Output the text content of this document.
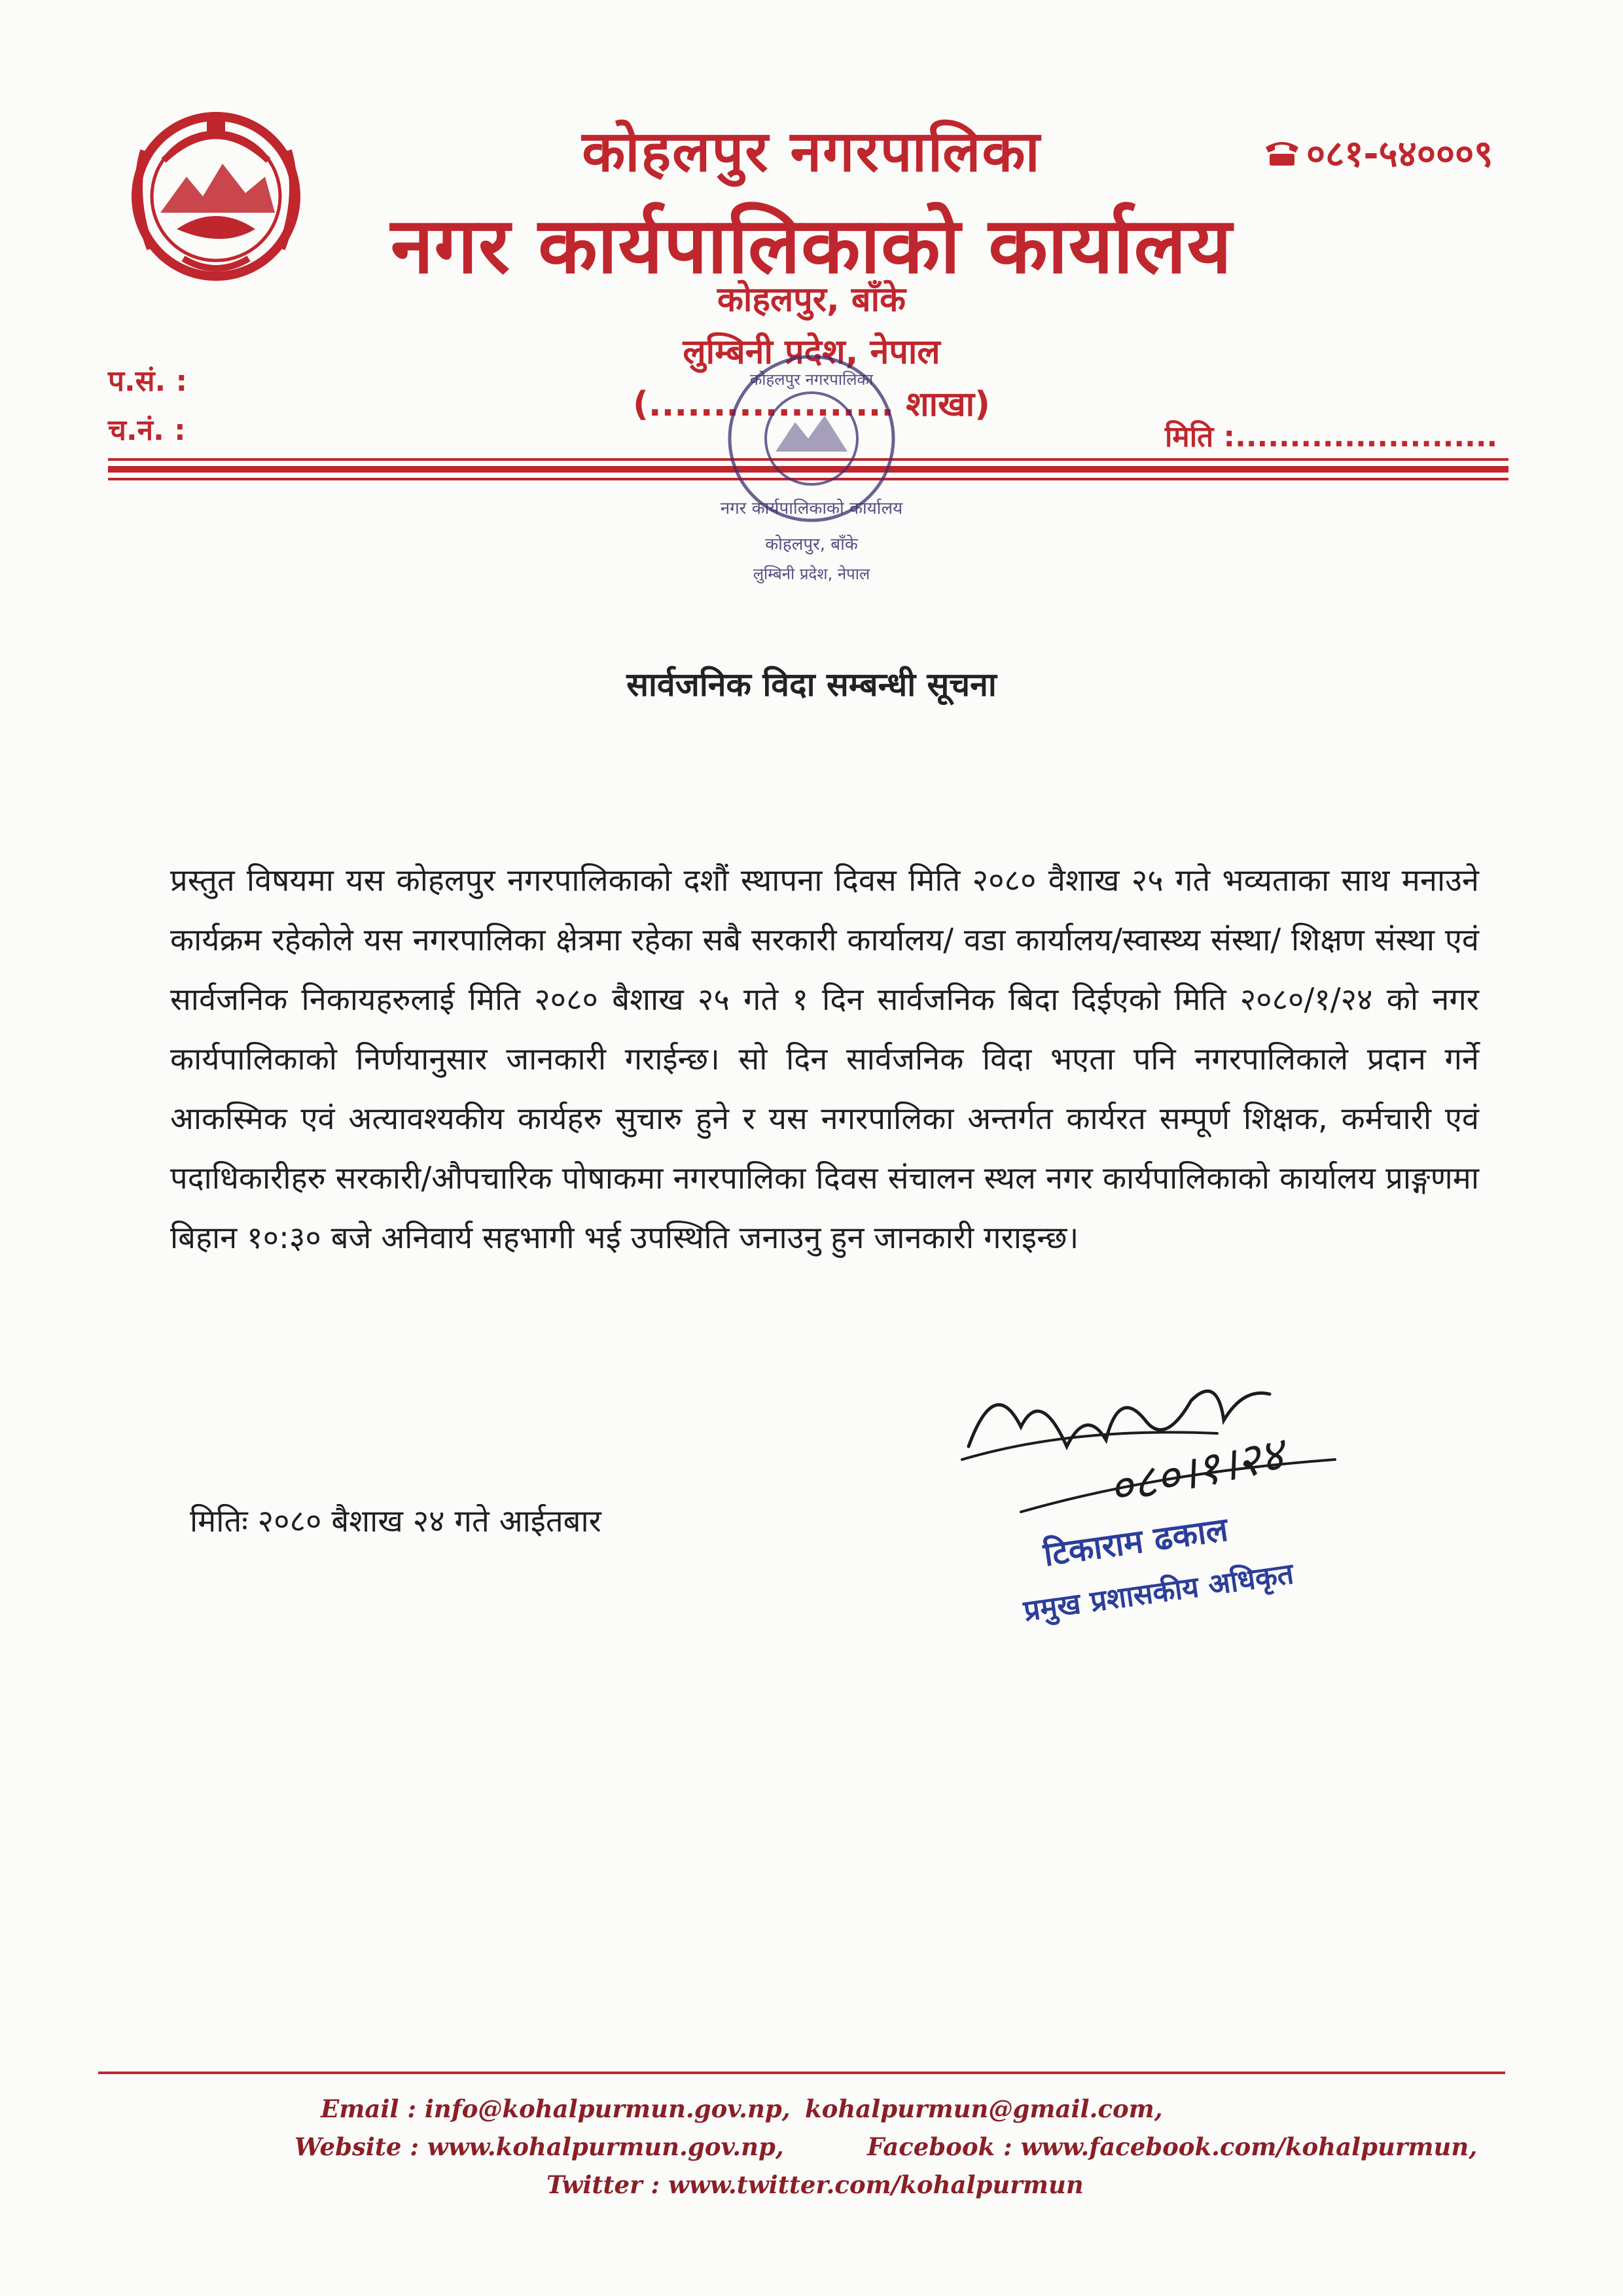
कोहलपुर नगरपालिका
नगर कार्यपालिकाको कार्यालय
०८१-५४०००९
कोहलपुर, बाँके
लुम्बिनी प्रदेश, नेपाल
(................... शाखा)
प.सं. :
च.नं. :	मिति :........................
कोहलपुर नगरपालिका
नगर कार्यपालिकाको कार्यालय
कोहलपुर, बाँके
लुम्बिनी प्रदेश, नेपाल
सार्वजनिक विदा सम्बन्धी सूचना
प्रस्तुत विषयमा यस कोहलपुर नगरपालिकाको दशौं स्थापना दिवस मिति २०८० वैशाख २५ गते भव्यताका साथ मनाउने कार्यक्रम रहेकोले यस नगरपालिका क्षेत्रमा रहेका सबै सरकारी कार्यालय/ वडा कार्यालय/स्वास्थ्य संस्था/ शिक्षण संस्था एवं सार्वजनिक निकायहरुलाई मिति २०८० बैशाख २५ गते १ दिन सार्वजनिक बिदा दिईएको मिति २०८०/१/२४ को नगर कार्यपालिकाको निर्णयानुसार जानकारी गराईन्छ। सो दिन सार्वजनिक विदा भएता पनि नगरपालिकाले प्रदान गर्ने आकस्मिक एवं अत्यावश्यकीय कार्यहरु सुचारु हुने र यस नगरपालिका अन्तर्गत कार्यरत सम्पूर्ण शिक्षक, कर्मचारी एवं पदाधिकारीहरु सरकारी/औपचारिक पोषाकमा नगरपालिका दिवस संचालन स्थल नगर कार्यपालिकाको कार्यालय प्राङ्गणमा बिहान १०:३० बजे अनिवार्य सहभागी भई उपस्थिति जनाउनु हुन जानकारी गराइन्छ।
मितिः २०८० बैशाख २४ गते आईतबार
०८०।१।२४
टिकाराम ढकाल
प्रमुख प्रशासकीय अधिकृत
Email : info@kohalpurmun.gov.np, kohalpurmun@gmail.com,
Website : www.kohalpurmun.gov.np,	Facebook : www.facebook.com/kohalpurmun,
Twitter : www.twitter.com/kohalpurmun
